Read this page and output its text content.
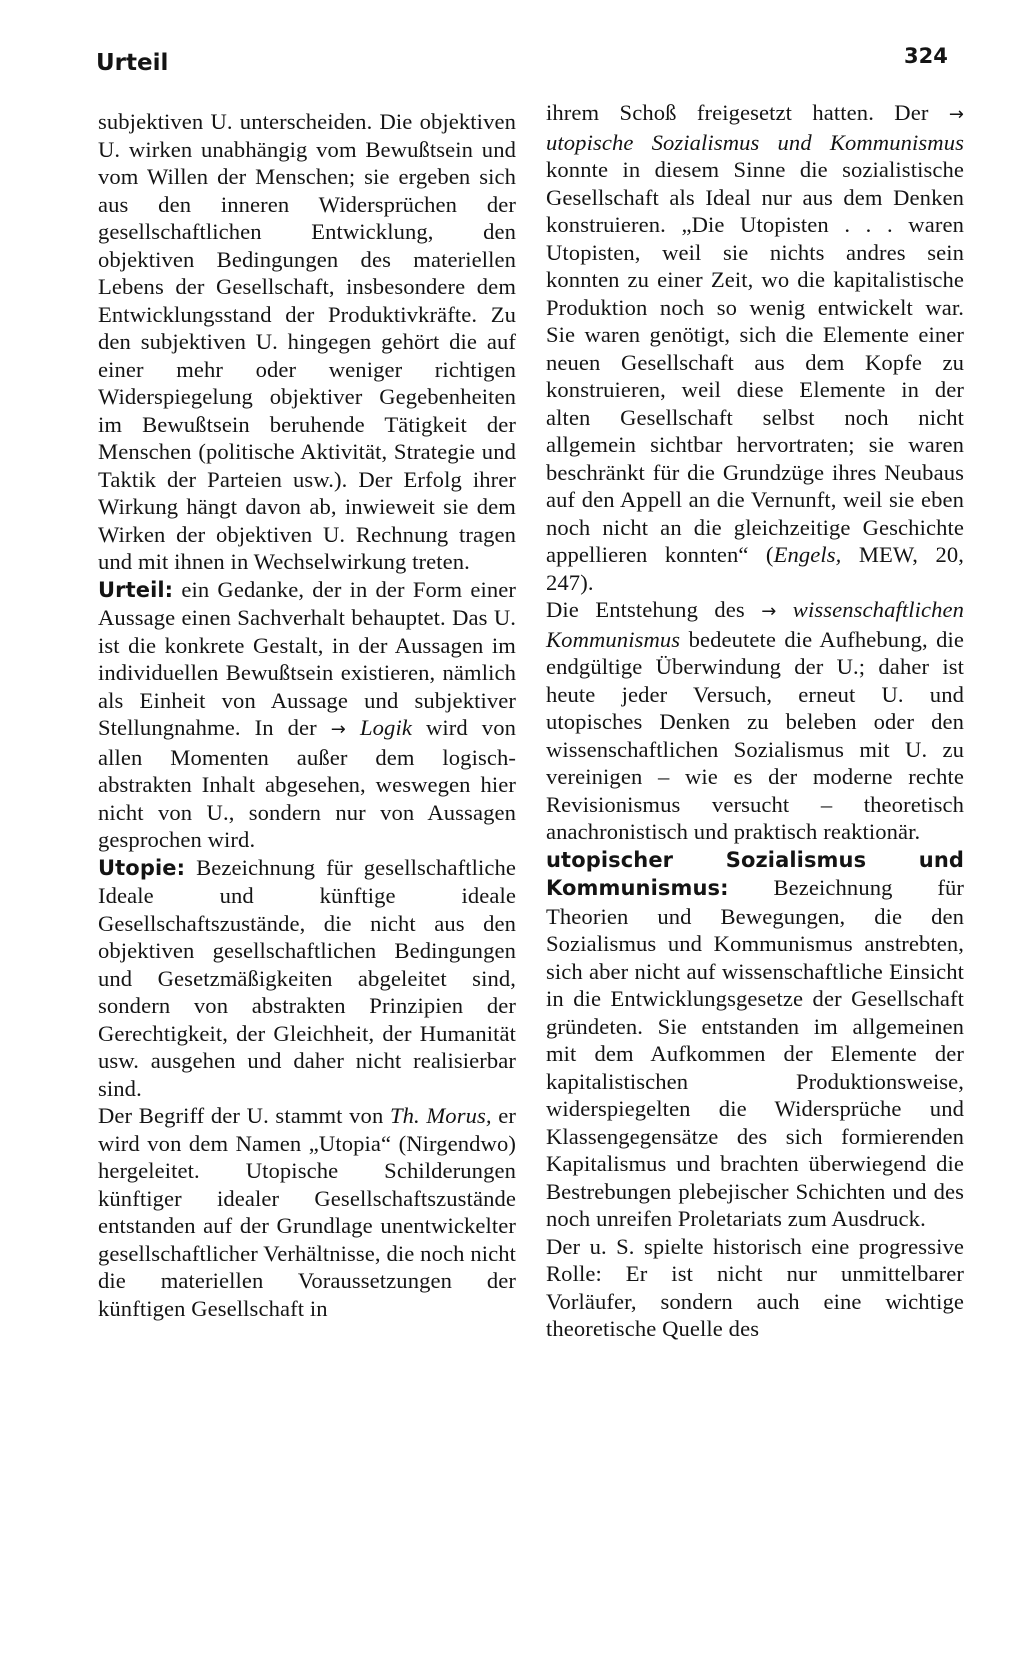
Urteil	324

subjektiven U. unterscheiden. Die objektiven U. wirken unabhängig vom Bewußtsein und vom Willen der Menschen; sie ergeben sich aus den inneren Widersprüchen der gesellschaftlichen Entwicklung, den objektiven Bedingungen des materiellen Lebens der Gesellschaft, insbesondere dem Entwicklungsstand der Produktivkräfte. Zu den subjektiven U. hingegen gehört die auf einer mehr oder weniger richtigen Widerspiegelung objektiver Gegebenheiten im Bewußtsein beruhende Tätigkeit der Menschen (politische Aktivität, Strategie und Taktik der Parteien usw.). Der Erfolg ihrer Wirkung hängt davon ab, inwieweit sie dem Wirken der objektiven U. Rechnung tragen und mit ihnen in Wechselwirkung treten.

Urteil: ein Gedanke, der in der Form einer Aussage einen Sachverhalt behauptet. Das U. ist die konkrete Gestalt, in der Aussagen im individuellen Bewußtsein existieren, nämlich als Einheit von Aussage und subjektiver Stellungnahme. In der → Logik wird von allen Momenten außer dem logisch-abstrakten Inhalt abgesehen, weswegen hier nicht von U., sondern nur von Aussagen gesprochen wird.

Utopie: Bezeichnung für gesellschaftliche Ideale und künftige ideale Gesellschaftszustände, die nicht aus den objektiven gesellschaftlichen Bedingungen und Gesetzmäßigkeiten abgeleitet sind, sondern von abstrakten Prinzipien der Gerechtigkeit, der Gleichheit, der Humanität usw. ausgehen und daher nicht realisierbar sind.

Der Begriff der U. stammt von Th. Morus, er wird von dem Namen „Utopia“ (Nirgendwo) hergeleitet. Utopische Schilderungen künftiger idealer Gesellschaftszustände entstanden auf der Grundlage unentwickelter gesellschaftlicher Verhältnisse, die noch nicht die materiellen Voraussetzungen der künftigen Gesellschaft in

ihrem Schoß freigesetzt hatten. Der → utopische Sozialismus und Kommunismus konnte in diesem Sinne die sozialistische Gesellschaft als Ideal nur aus dem Denken konstruieren. „Die Utopisten . . . waren Utopisten, weil sie nichts andres sein konnten zu einer Zeit, wo die kapitalistische Produktion noch so wenig entwickelt war. Sie waren genötigt, sich die Elemente einer neuen Gesellschaft aus dem Kopfe zu konstruieren, weil diese Elemente in der alten Gesellschaft selbst noch nicht allgemein sichtbar hervortraten; sie waren beschränkt für die Grundzüge ihres Neubaus auf den Appell an die Vernunft, weil sie eben noch nicht an die gleichzeitige Geschichte appellieren konnten“ (Engels, MEW, 20, 247).

Die Entstehung des → wissenschaftlichen Kommunismus bedeutete die Aufhebung, die endgültige Überwindung der U.; daher ist heute jeder Versuch, erneut U. und utopisches Denken zu beleben oder den wissenschaftlichen Sozialismus mit U. zu vereinigen – wie es der moderne rechte Revisionismus versucht – theoretisch anachronistisch und praktisch reaktionär.

utopischer Sozialismus und Kommunismus: Bezeichnung für Theorien und Bewegungen, die den Sozialismus und Kommunismus anstrebten, sich aber nicht auf wissenschaftliche Einsicht in die Entwicklungsgesetze der Gesellschaft gründeten. Sie entstanden im allgemeinen mit dem Aufkommen der Elemente der kapitalistischen Produktionsweise, widerspiegelten die Widersprüche und Klassengegensätze des sich formierenden Kapitalismus und brachten überwiegend die Bestrebungen plebejischer Schichten und des noch unreifen Proletariats zum Ausdruck.

Der u. S. spielte historisch eine progressive Rolle: Er ist nicht nur unmittelbarer Vorläufer, sondern auch eine wichtige theoretische Quelle des
